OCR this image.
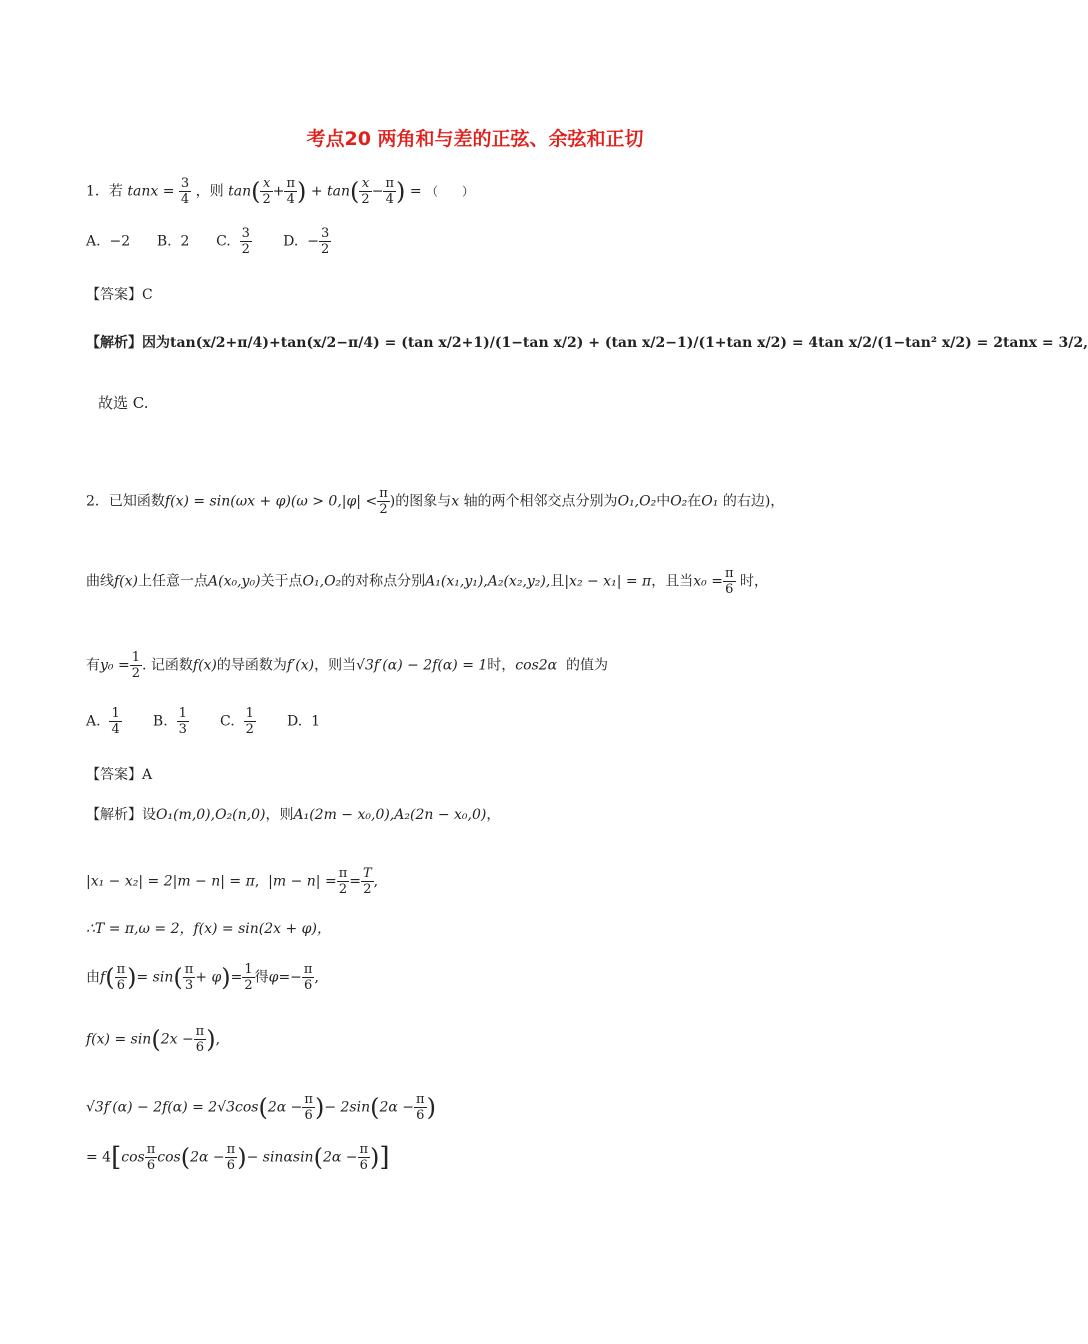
考点20 两角和与差的正弦、余弦和正切
1．若 $\tan x = \frac{3}{4}$ ，则 $\tan( \frac{x}{2} + \frac{\pi}{4}$ ) + $\tan( \frac{x}{2} - \frac{\pi}{4}$ ) = （　　）
A. −2 B. 2 C. $\frac{3}{2} D$. − $\frac{3}{2}$
【答案】C
【解析】因为tan(x/2+π/4)+tan(x/2−π/4) = (tan x/2+1)/(1−tan x/2) + (tan x/2−1)/(1+tan x/2) = 4tan x/2/(1−tan² x/2) = 2tanx = 3/2,
故选 C.
2．已知函数$f(x) = \sin(\omega x + \varphi)(\omega > 0,|\varphi| < \frac{\pi}{2}$ )的图象与x 轴的两个相邻交点分别为O₁,O₂中O₂在O₁ 的右边)，
曲线f(x)上任意一点A(x₀,y₀)关于点O₁,O₂的对称点分别A₁(x₁,y₁),A₂(x₂,y₂),且|x₂ − x₁| = π，且当$x_0 = \frac{\pi}{6}$ 时，
有$y_0 = \frac{1}{2}$ . 记函数f(x)的导函数为f′(x)，则当√3f′(α) − 2f(α) = 1时，cos2α 的值为
A. $\frac{1}{4} B$. $\frac{1}{3} C$. $\frac{1}{2} D$. 1
【答案】A
【解析】设O₁(m,0),O₂(n,0)，则A₁(2m − x₀,0),A₂(2n − x₀,0)，
|x₁ − x₂| = 2|m − n| = π, $|m - n| = \frac{\pi}{2} = \frac{T}{2}$ ,
∴T = π,ω = 2，f(x) = sin(2x + φ)，
由$f( \frac{\pi}{6}$ )= $\sin( \frac{\pi}{3} + \varphi)= \frac{1}{2}$ 得$\varphi=- \frac{\pi}{6}$ ,
$f(x) = \sin(2x - \frac{\pi}{6}$ ),
$√3f'(\alpha) - 2f(\alpha) = 2√3\cos(2\alpha - \frac{\pi}{6}$ )− $2\sin(2\alpha - \frac{\pi}{6}$ )
= $4[\cos \frac{\pi}{6} \cos(2\alpha - \frac{\pi}{6}$ )− $\sin\alpha\sin(2\alpha - \frac{\pi}{6}$ )]
